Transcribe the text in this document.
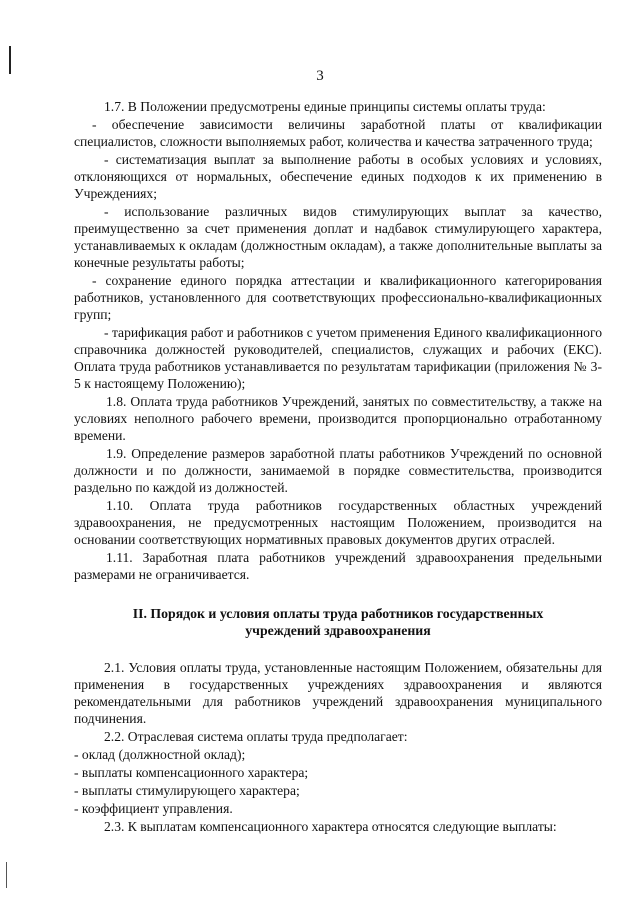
3

1.7. В Положении предусмотрены единые принципы системы оплаты труда:

- обеспечение зависимости величины заработной платы от квалификации специалистов, сложности выполняемых работ, количества и качества затраченного труда;

- систематизация выплат за выполнение работы в особых условиях и условиях, отклоняющихся от нормальных, обеспечение единых подходов к их применению в Учреждениях;

- использование различных видов стимулирующих выплат за качество, преимущественно за счет применения доплат и надбавок стимулирующего характера, устанавливаемых к окладам (должностным окладам), а также дополнительные выплаты за конечные результаты работы;

- сохранение единого порядка аттестации и квалификационного категорирования работников, установленного для соответствующих профессионально-квалификационных групп;

- тарификация работ и работников с учетом применения Единого квалификационного справочника должностей руководителей, специалистов, служащих и рабочих (ЕКС). Оплата труда работников устанавливается по результатам тарификации (приложения № 3-5 к настоящему Положению);

1.8. Оплата труда работников Учреждений, занятых по совместительству, а также на условиях неполного рабочего времени, производится пропорционально отработанному времени.

1.9. Определение размеров заработной платы работников Учреждений по основной должности и по должности, занимаемой в порядке совместительства, производится раздельно по каждой из должностей.

1.10. Оплата труда работников государственных областных учреждений здравоохранения, не предусмотренных настоящим Положением, производится на основании соответствующих нормативных правовых документов других отраслей.

1.11. Заработная плата работников учреждений здравоохранения предельными размерами не ограничивается.

II. Порядок и условия оплаты труда работников государственных
учреждений здравоохранения

2.1. Условия оплаты труда, установленные настоящим Положением, обязательны для применения в государственных учреждениях здравоохранения и являются рекомендательными для работников учреждений здравоохранения муниципального подчинения.

2.2. Отраслевая система оплаты труда предполагает:

- оклад (должностной оклад);

- выплаты компенсационного характера;

- выплаты стимулирующего характера;

- коэффициент управления.

2.3. К выплатам компенсационного характера относятся следующие выплаты:
